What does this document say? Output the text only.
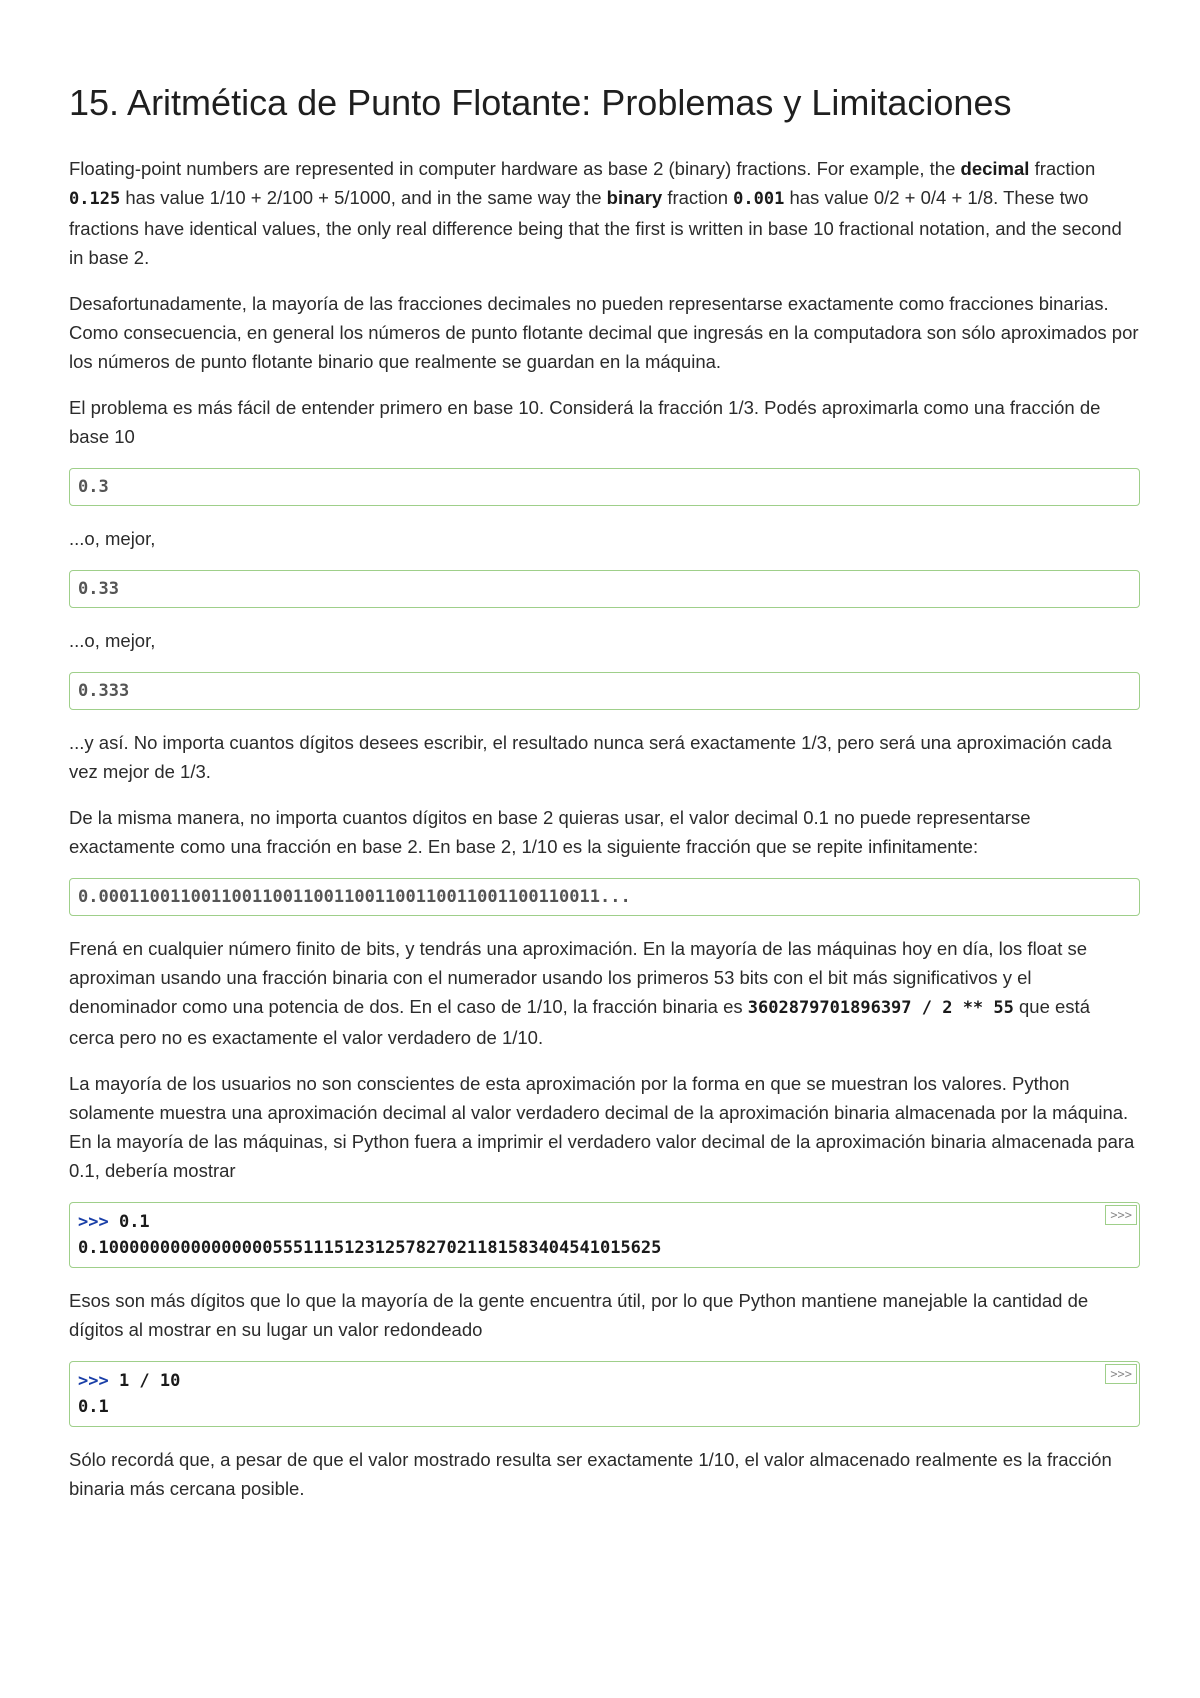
15. Aritmética de Punto Flotante: Problemas y Limitaciones

Floating-point numbers are represented in computer hardware as base 2 (binary) fractions. For example, the decimal fraction 0.125 has value 1/10 + 2/100 + 5/1000, and in the same way the binary fraction 0.001 has value 0/2 + 0/4 + 1/8. These two fractions have identical values, the only real difference being that the first is written in base 10 fractional notation, and the second in base 2.

Desafortunadamente, la mayoría de las fracciones decimales no pueden representarse exactamente como fracciones binarias. Como consecuencia, en general los números de punto flotante decimal que ingresás en la computadora son sólo aproximados por los números de punto flotante binario que realmente se guardan en la máquina.

El problema es más fácil de entender primero en base 10. Considerá la fracción 1/3. Podés aproximarla como una fracción de base 10

0.3

...o, mejor,

0.33

...o, mejor,

0.333

...y así. No importa cuantos dígitos desees escribir, el resultado nunca será exactamente 1/3, pero será una aproximación cada vez mejor de 1/3.

De la misma manera, no importa cuantos dígitos en base 2 quieras usar, el valor decimal 0.1 no puede representarse exactamente como una fracción en base 2. En base 2, 1/10 es la siguiente fracción que se repite infinitamente:

0.0001100110011001100110011001100110011001100110011...

Frená en cualquier número finito de bits, y tendrás una aproximación. En la mayoría de las máquinas hoy en día, los float se aproximan usando una fracción binaria con el numerador usando los primeros 53 bits con el bit más significativos y el denominador como una potencia de dos. En el caso de 1/10, la fracción binaria es 3602879701896397 / 2 ** 55 que está cerca pero no es exactamente el valor verdadero de 1/10.

La mayoría de los usuarios no son conscientes de esta aproximación por la forma en que se muestran los valores. Python solamente muestra una aproximación decimal al valor verdadero decimal de la aproximación binaria almacenada por la máquina. En la mayoría de las máquinas, si Python fuera a imprimir el verdadero valor decimal de la aproximación binaria almacenada para 0.1, debería mostrar

>>>
>>> 0.1
0.1000000000000000055511151231257827021181583404541015625

Esos son más dígitos que lo que la mayoría de la gente encuentra útil, por lo que Python mantiene manejable la cantidad de dígitos al mostrar en su lugar un valor redondeado

>>>
>>> 1 / 10
0.1

Sólo recordá que, a pesar de que el valor mostrado resulta ser exactamente 1/10, el valor almacenado realmente es la fracción binaria más cercana posible.
